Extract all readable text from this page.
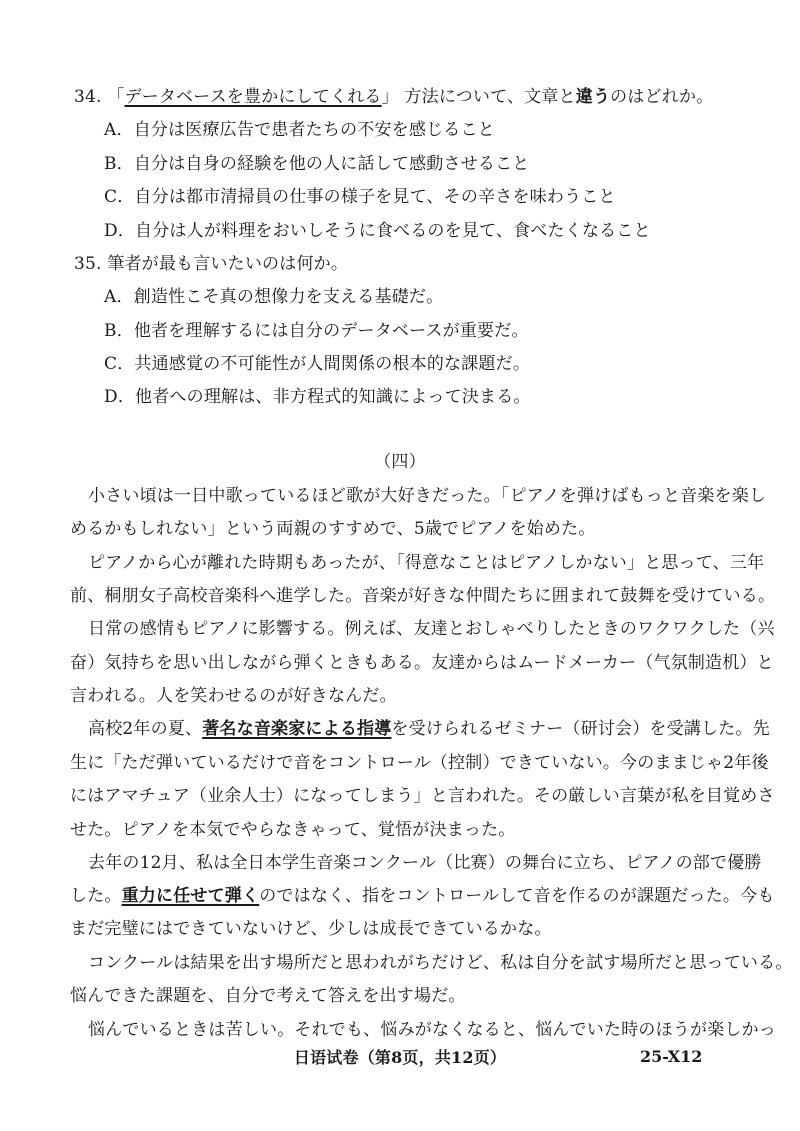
34. 「データベースを豊かにしてくれる」 方法について、文章と違うのはどれか。
A．自分は医療広告で患者たちの不安を感じること
B．自分は自身の経験を他の人に話して感動させること
C．自分は都市清掃員の仕事の様子を見て、その辛さを味わうこと
D．自分は人が料理をおいしそうに食べるのを見て、食べたくなること
35. 筆者が最も言いたいのは何か。
A．創造性こそ真の想像力を支える基礎だ。
B．他者を理解するには自分のデータベースが重要だ。
C．共通感覚の不可能性が人間関係の根本的な課題だ。
D．他者への理解は、非方程式的知識によって決まる。
（四）
小さい頃は一日中歌っているほど歌が大好きだった。「ピアノを弾けばもっと音楽を楽し
めるかもしれない」という両親のすすめで、5歳でピアノを始めた。
ピアノから心が離れた時期もあったが、「得意なことはピアノしかない」と思って、三年
前、桐朋女子高校音楽科へ進学した。音楽が好きな仲間たちに囲まれて鼓舞を受けている。
日常の感情もピアノに影響する。例えば、友達とおしゃべりしたときのワクワクした（兴
奋）気持ちを思い出しながら弾くときもある。友達からはムードメーカー（气氛制造机）と
言われる。人を笑わせるのが好きなんだ。
高校2年の夏、著名な音楽家による指導を受けられるゼミナー（研讨会）を受講した。先
生に「ただ弾いているだけで音をコントロール（控制）できていない。今のままじゃ2年後
にはアマチュア（业余人士）になってしまう」と言われた。その厳しい言葉が私を目覚めさ
せた。ピアノを本気でやらなきゃって、覚悟が決まった。
去年の12月、私は全日本学生音楽コンクール（比赛）の舞台に立ち、ピアノの部で優勝
した。重力に任せて弾くのではなく、指をコントロールして音を作るのが課題だった。今も
まだ完璧にはできていないけど、少しは成長できているかな。
コンクールは結果を出す場所だと思われがちだけど、私は自分を試す場所だと思っている。
悩んできた課題を、自分で考えて答えを出す場だ。
悩んでいるときは苦しい。それでも、悩みがなくなると、悩んでいた時のほうが楽しかっ
日语试卷（第8页，共12页）	25-X12
